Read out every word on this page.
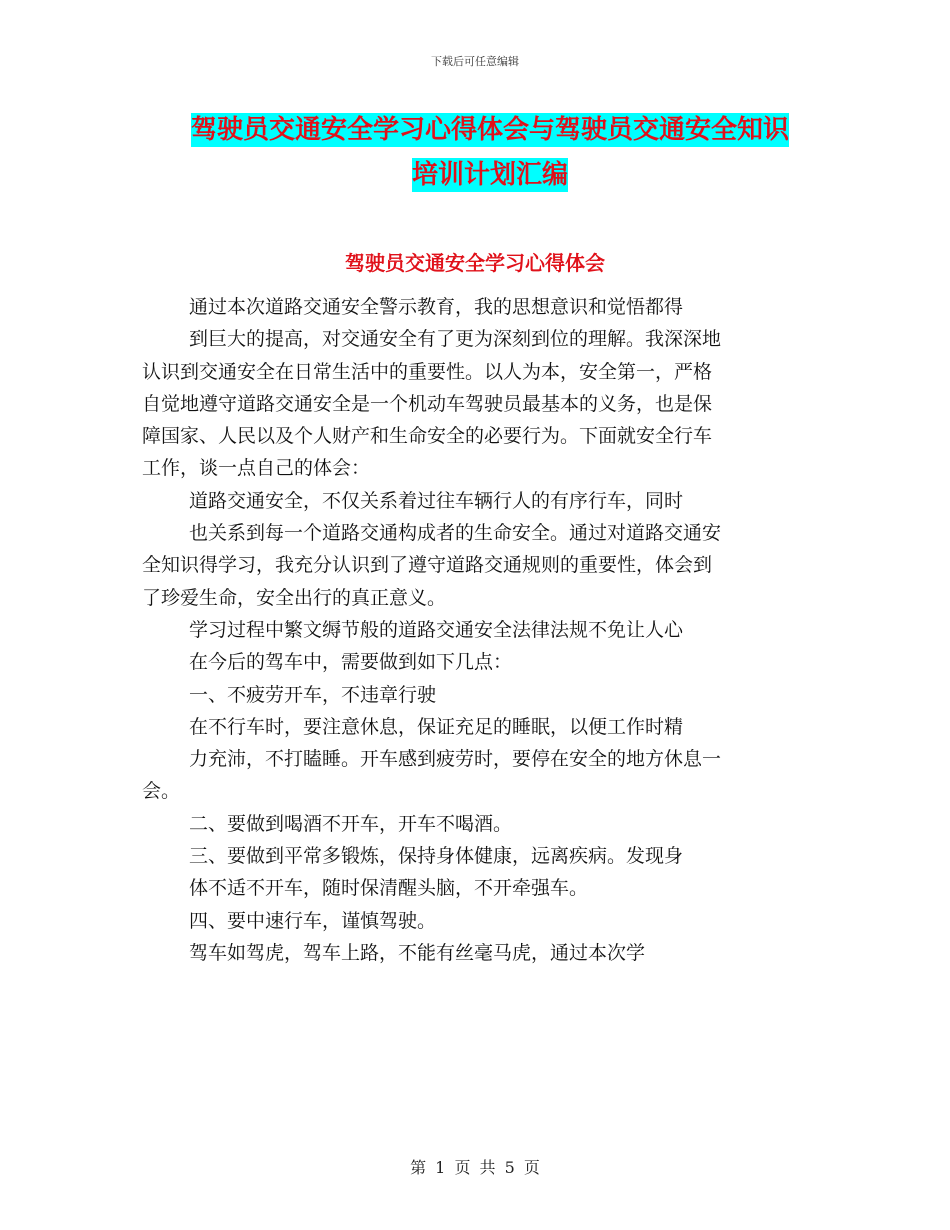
下载后可任意编辑
驾驶员交通安全学习心得体会与驾驶员交通安全知识
培训计划汇编
驾驶员交通安全学习心得体会

通过本次道路交通安全警示教育，我的思想意识和觉悟都得

到巨大的提高，对交通安全有了更为深刻到位的理解。我深深地

认识到交通安全在日常生活中的重要性。以人为本，安全第一，严格

自觉地遵守道路交通安全是一个机动车驾驶员最基本的义务，也是保

障国家、人民以及个人财产和生命安全的必要行为。下面就安全行车

工作，谈一点自己的体会：

道路交通安全，不仅关系着过往车辆行人的有序行车，同时

也关系到每一个道路交通构成者的生命安全。通过对道路交通安

全知识得学习，我充分认识到了遵守道路交通规则的重要性，体会到

了珍爱生命，安全出行的真正意义。

学习过程中繁文缛节般的道路交通安全法律法规不免让人心

在今后的驾车中，需要做到如下几点：

一、不疲劳开车，不违章行驶

在不行车时，要注意休息，保证充足的睡眠，以便工作时精

力充沛，不打瞌睡。开车感到疲劳时，要停在安全的地方休息一

会。

二、要做到喝酒不开车，开车不喝酒。

三、要做到平常多锻炼，保持身体健康，远离疾病。发现身

体不适不开车，随时保清醒头脑，不开牵强车。

四、要中速行车，谨慎驾驶。

驾车如驾虎，驾车上路，不能有丝毫马虎，通过本次学

第 1 页 共 5 页
